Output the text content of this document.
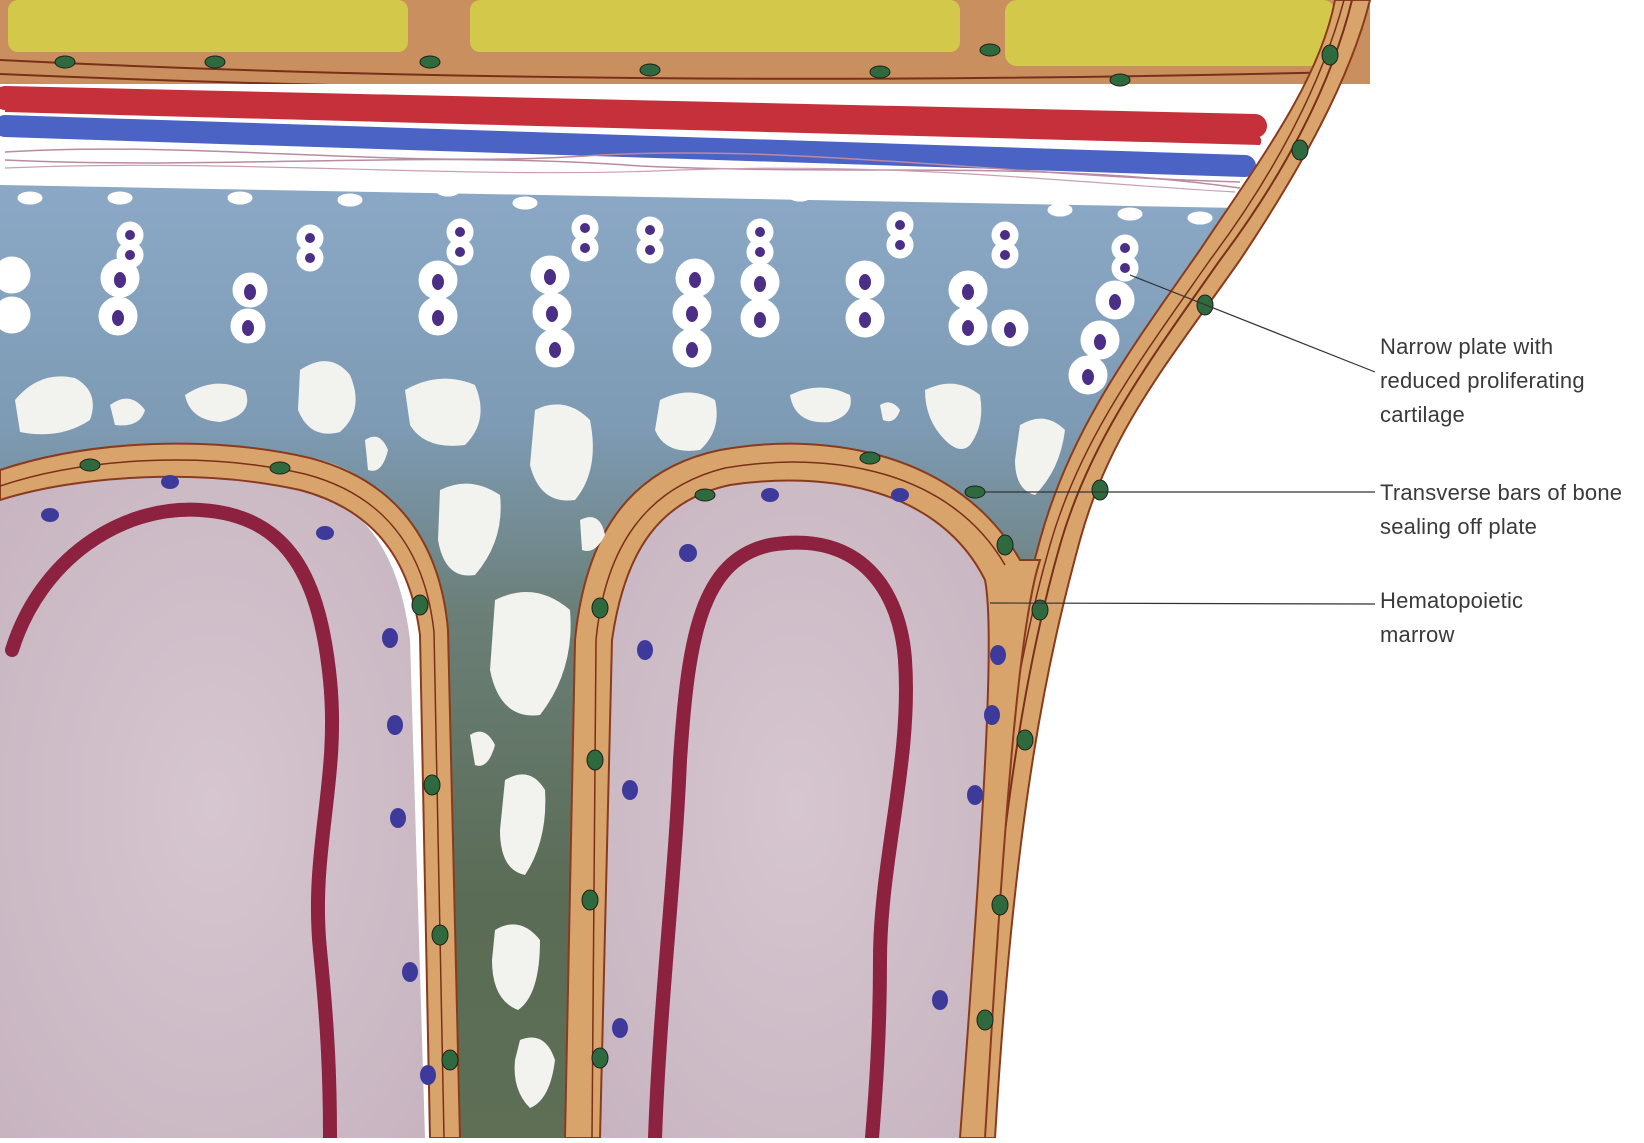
Narrow plate with
reduced proliferating
cartilage
Transverse bars of bone
sealing off plate
Hematopoietic
marrow
